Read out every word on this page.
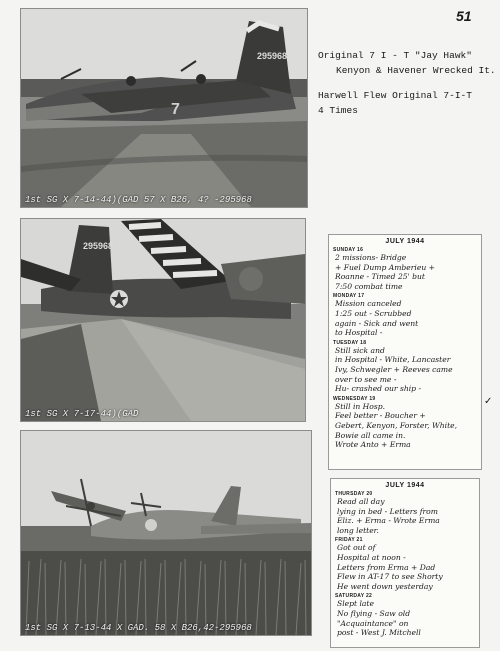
51
295968
7
1st SG X 7-14-44)(GAD 57 X B26, 4? -295968
Original 7 I - T "Jay Hawk"
Kenyon & Havener Wrecked It.
Harwell Flew Original 7-I-T
4 Times
295968
1st SG X 7-17-44)(GAD
1st SG X 7-13-44 X GAD. 58 X B26,42-295968
JULY 1944
SUNDAY 16
2 missions- Bridge
+ Fuel Dump Amberieu +
Roanne - Timed 25' but
7:50 combat time
MONDAY 17
Mission canceled
1:25 out - Scrubbed
again - Sick and went
to Hospital -
TUESDAY 18
Still sick and
in Hospital - White, Lancaster
Ivy, Schwegler + Reeves came
over to see me -
Hu- crashed our ship -
WEDNESDAY 19
Still in Hosp.
Feel better - Boucher +
Gebert, Kenyon, Forster, White,
Bowie all came in.
Wrote Anto + Erma
✓
JULY 1944
THURSDAY 20
Read all day
lying in bed - Letters from
Eliz. + Erma - Wrote Erma
long letter.
FRIDAY 21
Got out of
Hospital at noon -
Letters from Erma + Dad
Flew in AT-17 to see Shorty
He went down yesterday
SATURDAY 22
Slept late
No flying - Saw old
"Acquaintance" on
post - West J. Mitchell
